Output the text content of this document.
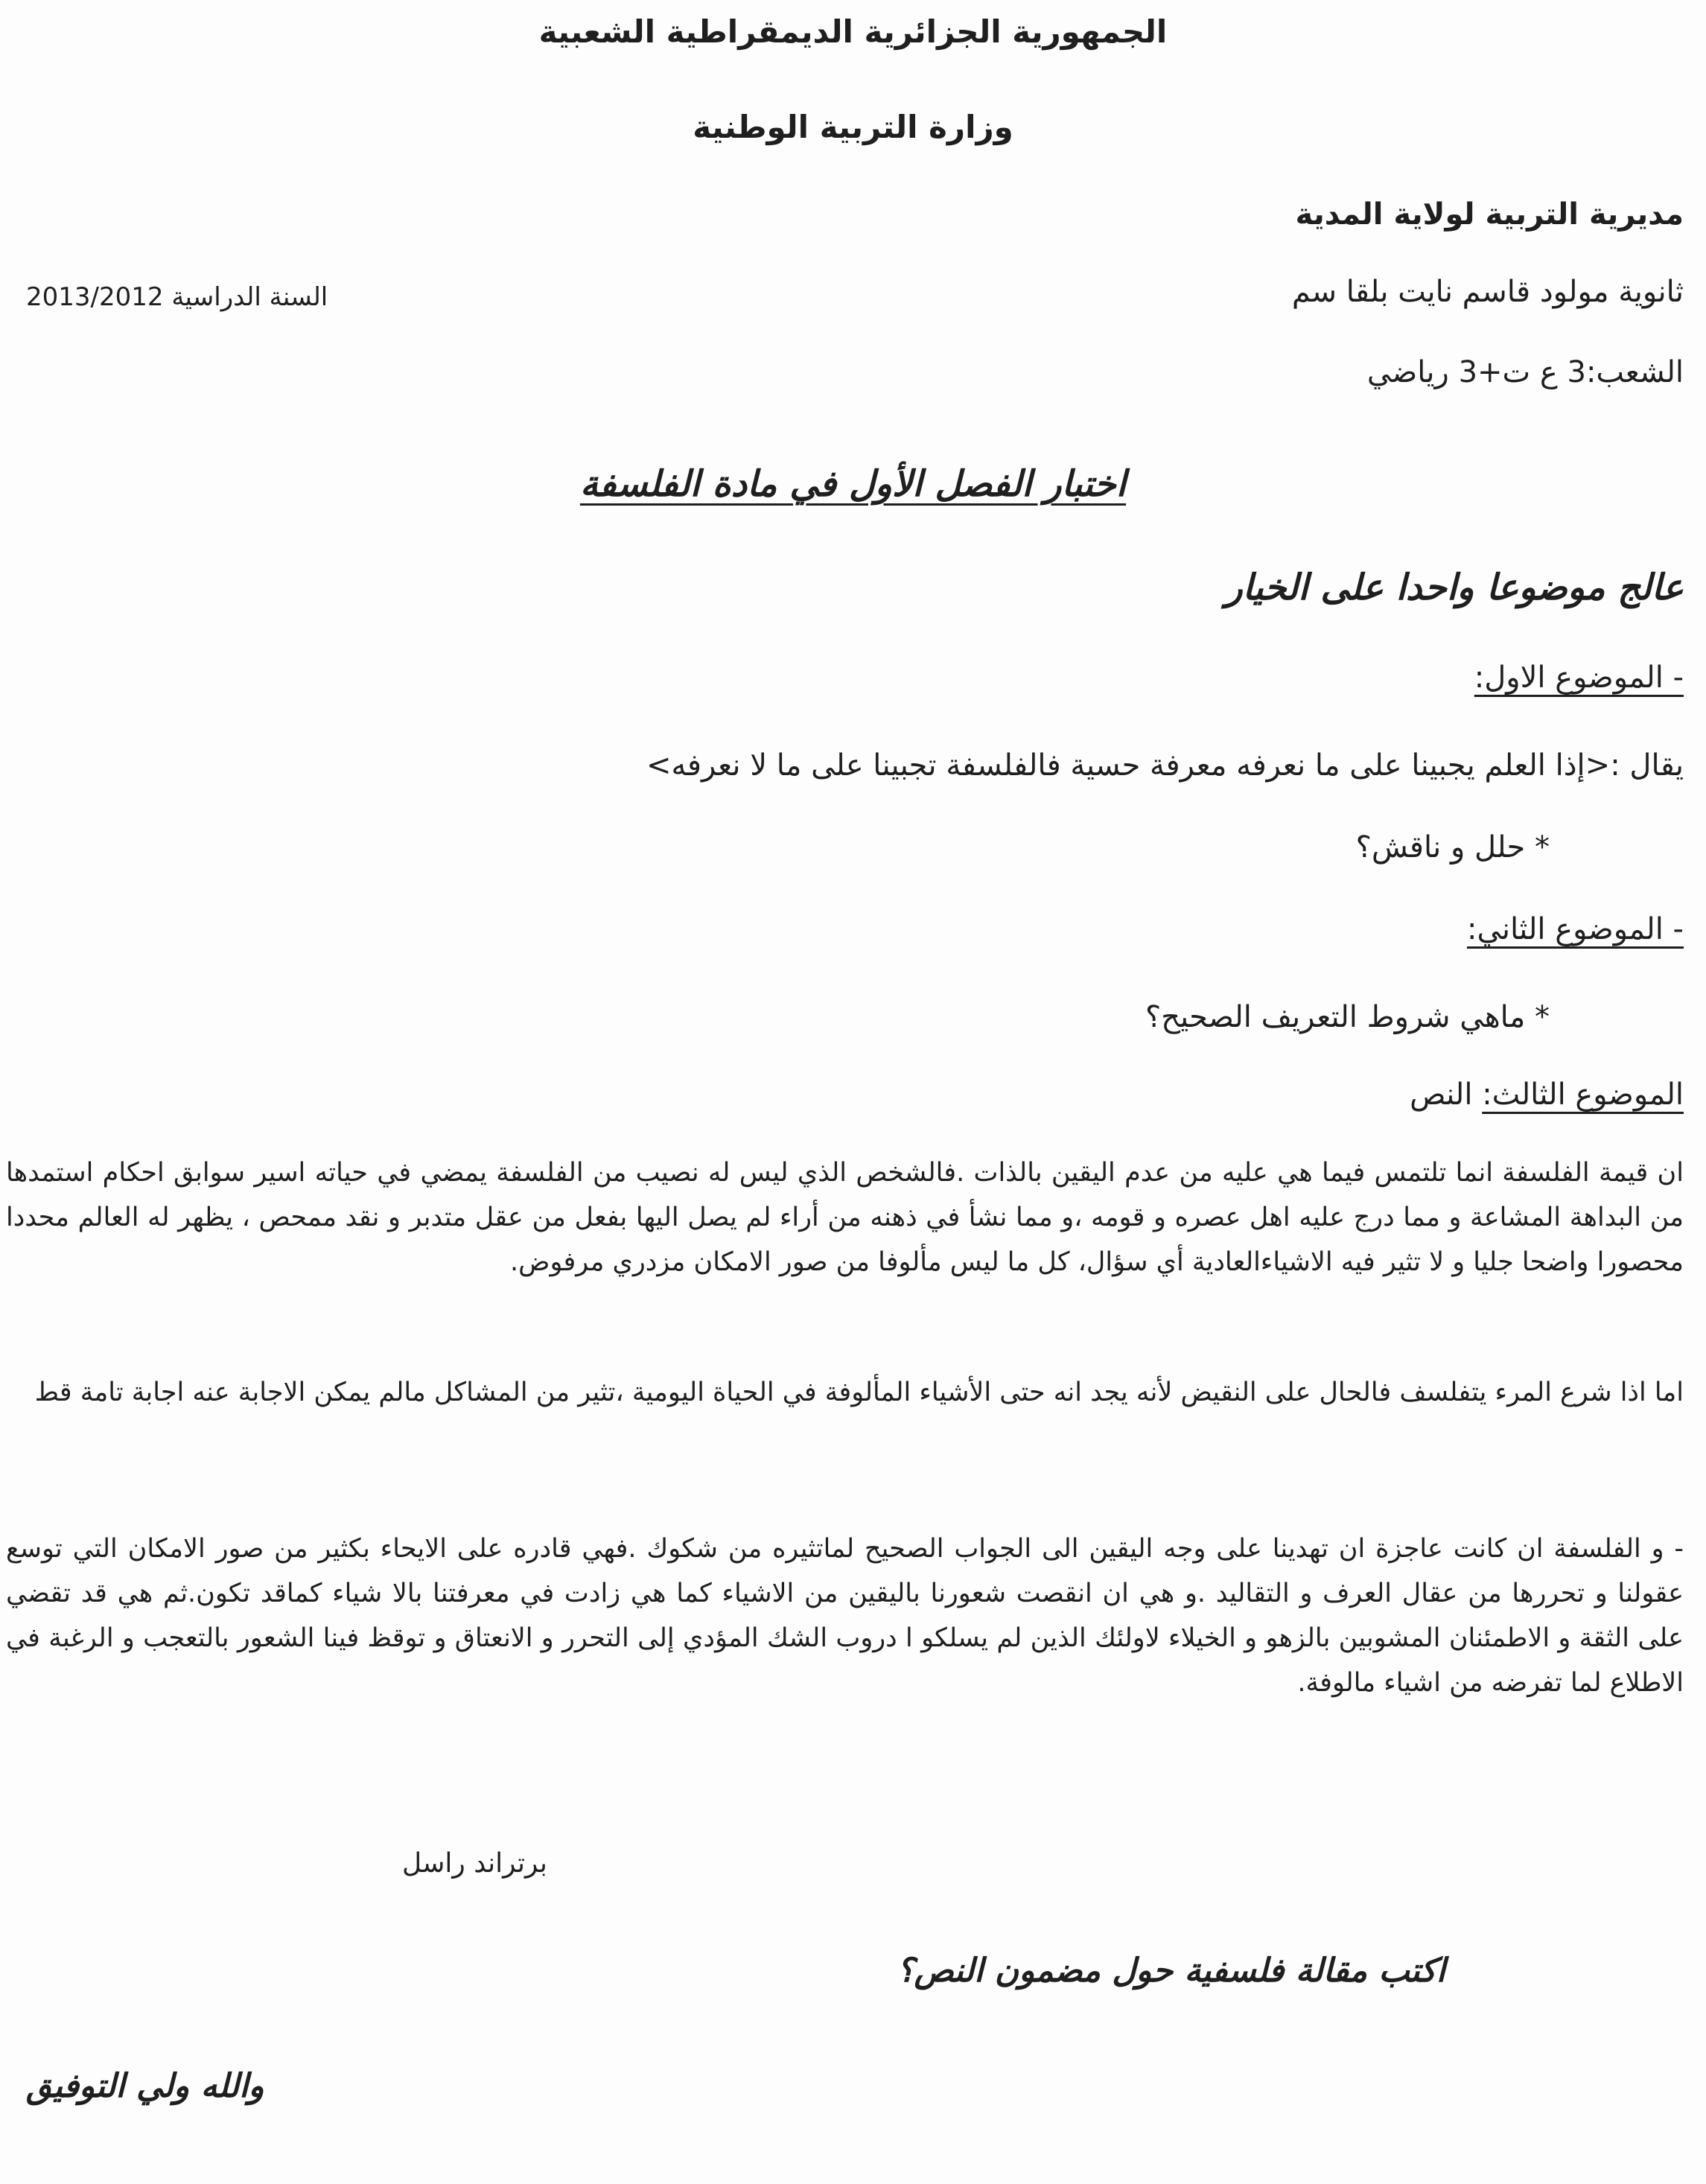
الجمهورية الجزائرية الديمقراطية الشعبية
وزارة التربية الوطنية
مديرية التربية لولاية المدية
ثانوية مولود قاسم نايت بلقا سم
السنة الدراسية 2013/2012
الشعب:3 ع ت+3 رياضي
اختبار الفصل الأول في مادة الفلسفة
عالج موضوعا واحدا على الخيار
- الموضوع الاول:
يقال :<إذا العلم يجبينا على ما نعرفه معرفة حسية فالفلسفة تجبينا على ما لا نعرفه>
* حلل و ناقش؟
- الموضوع الثاني:
* ماهي شروط التعريف الصحيح؟
الموضوع الثالث: النص
ان قيمة الفلسفة انما تلتمس فيما هي عليه من عدم اليقين بالذات .فالشخص الذي ليس له نصيب من الفلسفة يمضي في حياته اسير سوابق احكام استمدها من البداهة المشاعة و مما درج عليه اهل عصره و قومه ،و مما نشأ في ذهنه من أراء لم يصل اليها بفعل من عقل متدبر و نقد ممحص ، يظهر له العالم محددا محصورا واضحا جليا و لا تثير فيه الاشياءالعادية أي سؤال، كل ما ليس مألوفا من صور الامكان مزدري مرفوض.
اما اذا شرع المرء يتفلسف فالحال على النقيض لأنه يجد انه حتى الأشياء المألوفة في الحياة اليومية ،تثير من المشاكل مالم يمكن الاجابة عنه اجابة تامة قط
- و الفلسفة ان كانت عاجزة ان تهدينا على وجه اليقين الى الجواب الصحيح لماتثيره من شكوك .فهي قادره على الايحاء بكثير من صور الامكان التي توسع عقولنا و تحررها من عقال العرف و التقاليد .و هي ان انقصت شعورنا باليقين من الاشياء كما هي زادت في معرفتنا بالا شياء كماقد تكون.ثم هي قد تقضي على الثقة و الاطمئنان المشوبين بالزهو و الخيلاء لاولئك الذين لم يسلكو ا دروب الشك المؤدي إلى التحرر و الانعتاق و توقظ فينا الشعور بالتعجب و الرغبة في الاطلاع لما تفرضه من اشياء مالوفة.
برتراند راسل
اكتب مقالة فلسفية حول مضمون النص؟
والله ولي التوفيق
